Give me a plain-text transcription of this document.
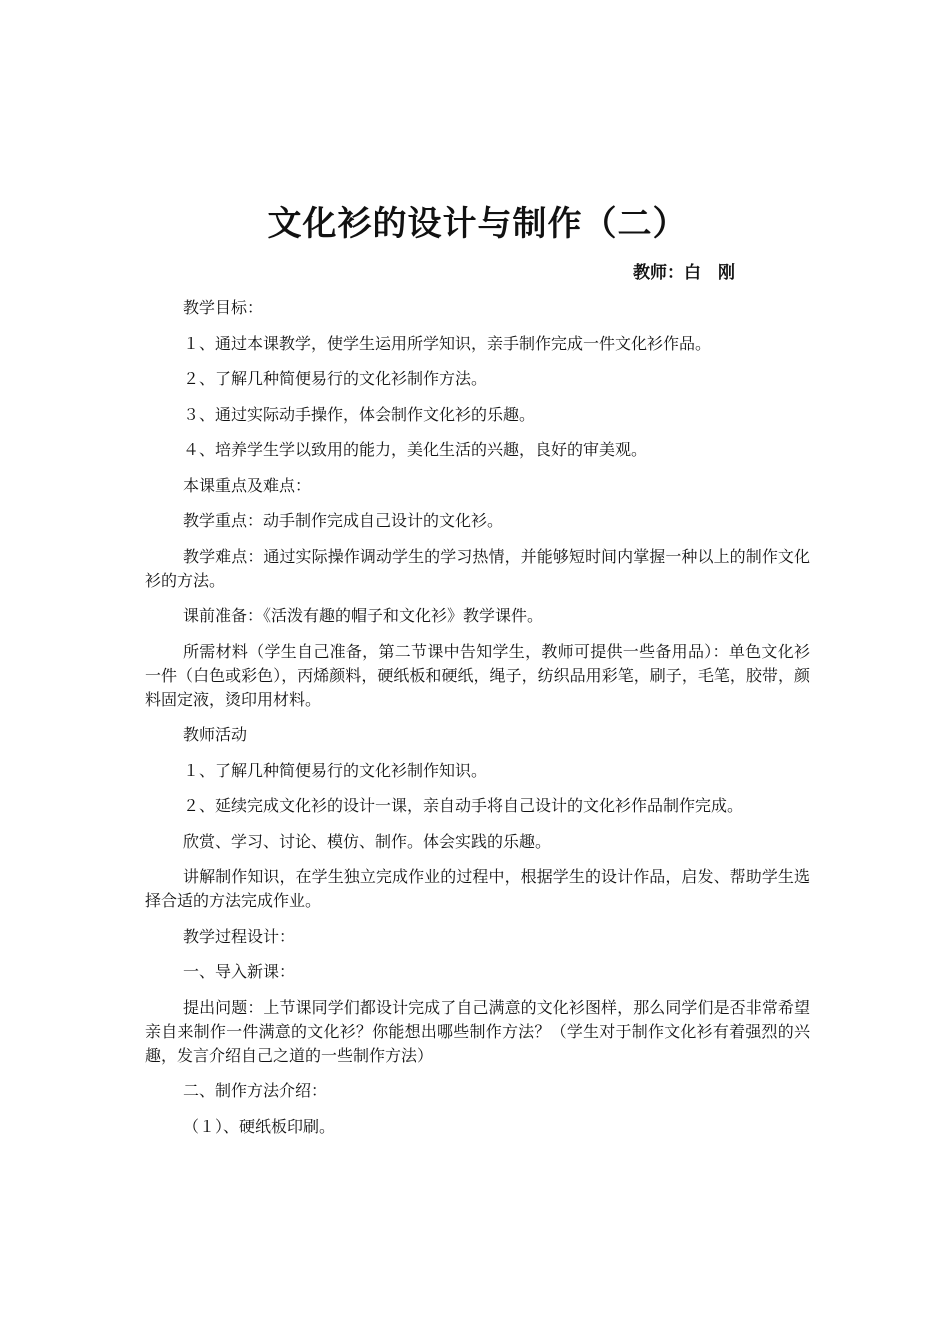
文化衫的设计与制作（二）
教师：白　刚

教学目标：

１、通过本课教学，使学生运用所学知识，亲手制作完成一件文化衫作品。

２、了解几种简便易行的文化衫制作方法。

３、通过实际动手操作，体会制作文化衫的乐趣。

４、培养学生学以致用的能力，美化生活的兴趣，良好的审美观。

本课重点及难点：

教学重点：动手制作完成自己设计的文化衫。

教学难点：通过实际操作调动学生的学习热情，并能够短时间内掌握一种以上的制作文化衫的方法。

课前准备：《活泼有趣的帽子和文化衫》教学课件。

所需材料（学生自己准备，第二节课中告知学生，教师可提供一些备用品）：单色文化衫一件（白色或彩色），丙烯颜料，硬纸板和硬纸，绳子，纺织品用彩笔，刷子，毛笔，胶带，颜料固定液，烫印用材料。

教师活动

１、了解几种简便易行的文化衫制作知识。

２、延续完成文化衫的设计一课，亲自动手将自己设计的文化衫作品制作完成。

欣赏、学习、讨论、模仿、制作。体会实践的乐趣。

讲解制作知识，在学生独立完成作业的过程中，根据学生的设计作品，启发、帮助学生选择合适的方法完成作业。

教学过程设计：

一、导入新课：

提出问题：上节课同学们都设计完成了自己满意的文化衫图样，那么同学们是否非常希望亲自来制作一件满意的文化衫？你能想出哪些制作方法？（学生对于制作文化衫有着强烈的兴趣，发言介绍自己之道的一些制作方法）

二、制作方法介绍：

（１）、硬纸板印刷。
